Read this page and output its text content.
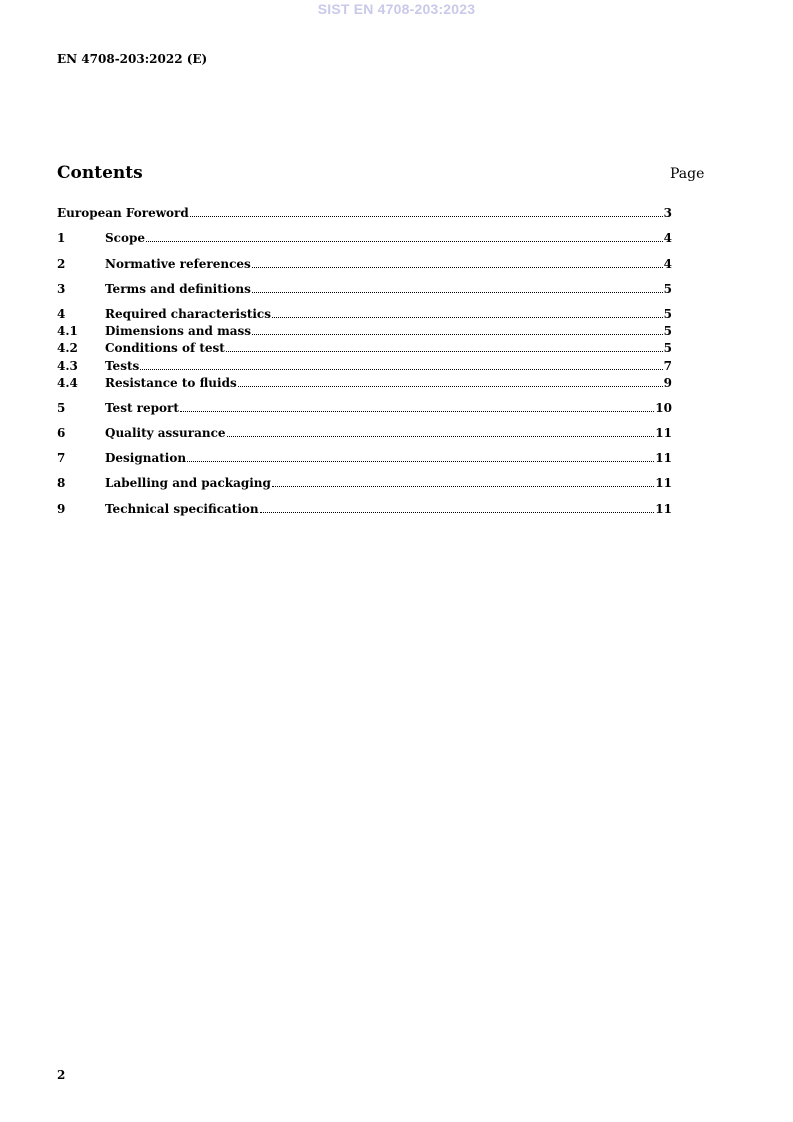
SIST EN 4708-203:2023
EN 4708-203:2022 (E)
Contents	Page
European Foreword	3
1	Scope	4
2	Normative references	4
3	Terms and definitions	5
4	Required characteristics	5
4.1	Dimensions and mass	5
4.2	Conditions of test	5
4.3	Tests	7
4.4	Resistance to fluids	9
5	Test report	10
6	Quality assurance	11
7	Designation	11
8	Labelling and packaging	11
9	Technical specification	11
2
